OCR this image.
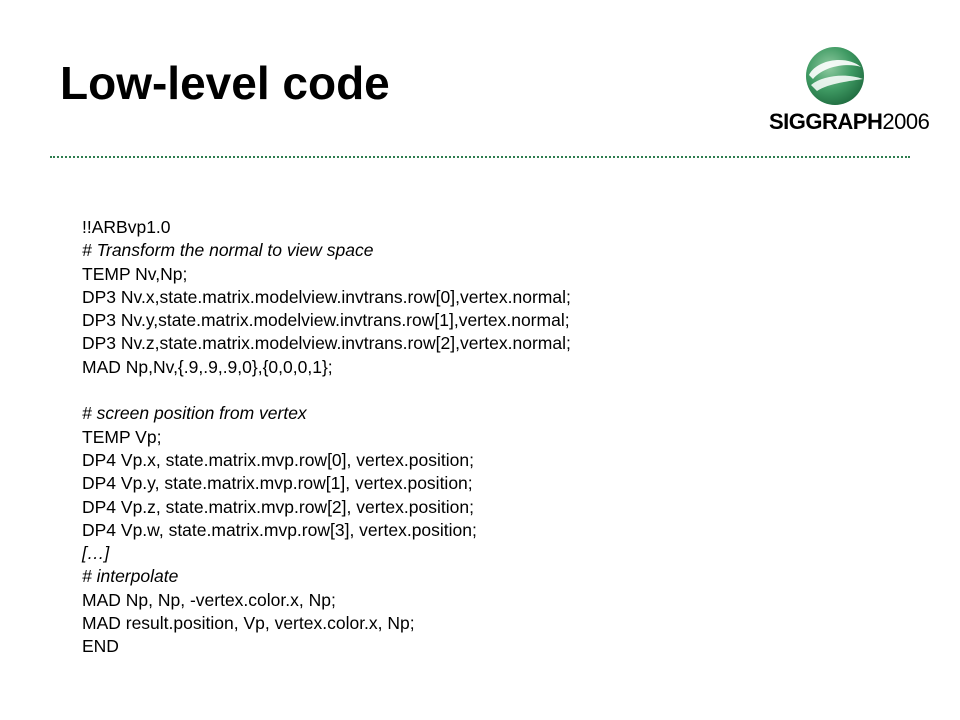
Low-level code
SIGGRAPH2006
!!ARBvp1.0
# Transform the normal to view space
TEMP Nv,Np;
DP3 Nv.x,state.matrix.modelview.invtrans.row[0],vertex.normal;
DP3 Nv.y,state.matrix.modelview.invtrans.row[1],vertex.normal;
DP3 Nv.z,state.matrix.modelview.invtrans.row[2],vertex.normal;
MAD Np,Nv,{.9,.9,.9,0},{0,0,0,1};
# screen position from vertex
TEMP Vp;
DP4 Vp.x, state.matrix.mvp.row[0], vertex.position;
DP4 Vp.y, state.matrix.mvp.row[1], vertex.position;
DP4 Vp.z, state.matrix.mvp.row[2], vertex.position;
DP4 Vp.w, state.matrix.mvp.row[3], vertex.position;
[…]
# interpolate
MAD Np, Np, -vertex.color.x, Np;
MAD result.position, Vp, vertex.color.x, Np;
END
